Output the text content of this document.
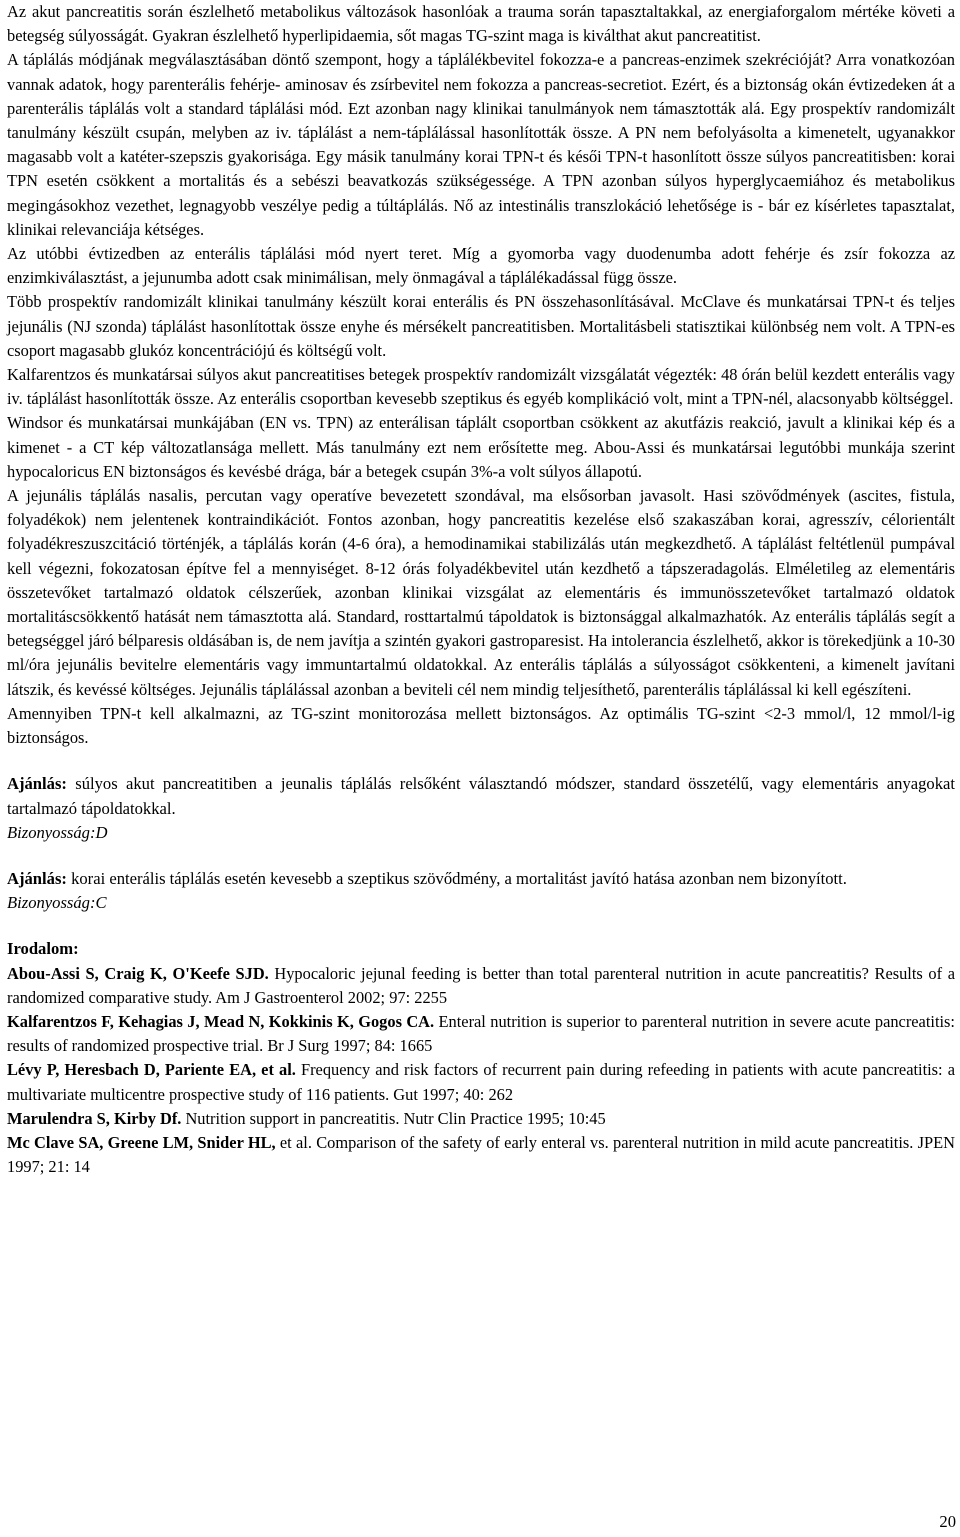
Az akut pancreatitis során észlelhető metabolikus változások hasonlóak a trauma során tapasztaltakkal, az energiaforgalom mértéke követi a betegség súlyosságát. Gyakran észlelhető hyperlipidaemia, sőt magas TG-szint maga is kiválthat akut pancreatitist.

A táplálás módjának megválasztásában döntő szempont, hogy a táplálékbevitel fokozza-e a pancreas-enzimek szekrécióját? Arra vonatkozóan vannak adatok, hogy parenterális fehérje- aminosav és zsírbevitel nem fokozza a pancreas-secretiot. Ezért, és a biztonság okán évtizedeken át a parenterális táplálás volt a standard táplálási mód. Ezt azonban nagy klinikai tanulmányok nem támasztották alá. Egy prospektív randomizált tanulmány készült csupán, melyben az iv. táplálást a nem-táplálással hasonlították össze. A PN nem befolyásolta a kimenetelt, ugyanakkor magasabb volt a katéter-szepszis gyakorisága. Egy másik tanulmány korai TPN-t és késői TPN-t hasonlított össze súlyos pancreatitisben: korai TPN esetén csökkent a mortalitás és a sebészi beavatkozás szükségessége. A TPN azonban súlyos hyperglycaemiához és metabolikus megingásokhoz vezethet, legnagyobb veszélye pedig a túltáplálás. Nő az intestinális transzlokáció lehetősége is - bár ez kísérletes tapasztalat, klinikai relevanciája kétséges.

Az utóbbi évtizedben az enterális táplálási mód nyert teret. Míg a gyomorba vagy duodenumba adott fehérje és zsír fokozza az enzimkiválasztást, a jejunumba adott csak minimálisan, mely önmagával a táplálékadással függ össze.

Több prospektív randomizált klinikai tanulmány készült korai enterális és PN összehasonlításával. McClave és munkatársai TPN-t és teljes jejunális (NJ szonda) táplálást hasonlítottak össze enyhe és mérsékelt pancreatitisben. Mortalitásbeli statisztikai különbség nem volt. A TPN-es csoport magasabb glukóz koncentrációjú és költségű volt.

Kalfarentzos és munkatársai súlyos akut pancreatitises betegek prospektív randomizált vizsgálatát végezték: 48 órán belül kezdett enterális vagy iv. táplálást hasonlították össze. Az enterális csoportban kevesebb szeptikus és egyéb komplikáció volt, mint a TPN-nél, alacsonyabb költséggel.

Windsor és munkatársai munkájában (EN vs. TPN) az enterálisan táplált csoportban csökkent az akutfázis reakció, javult a klinikai kép és a kimenet - a CT kép változatlansága mellett. Más tanulmány ezt nem erősítette meg. Abou-Assi és munkatársai legutóbbi munkája szerint hypocaloricus EN biztonságos és kevésbé drága, bár a betegek csupán 3%-a volt súlyos állapotú.

A jejunális táplálás nasalis, percutan vagy operatíve bevezetett szondával, ma elsősorban javasolt. Hasi szövődmények (ascites, fistula, folyadékok) nem jelentenek kontraindikációt. Fontos azonban, hogy pancreatitis kezelése első szakaszában korai, agresszív, célorientált folyadékreszuszcitáció történjék, a táplálás korán (4-6 óra), a hemodinamikai stabilizálás után megkezdhető. A táplálást feltétlenül pumpával kell végezni, fokozatosan építve fel a mennyiséget. 8-12 órás folyadékbevitel után kezdhető a tápszeradagolás. Elméletileg az elementáris összetevőket tartalmazó oldatok célszerűek, azonban klinikai vizsgálat az elementáris és immunösszetevőket tartalmazó oldatok mortalitáscsökkentő hatását nem támasztotta alá. Standard, rosttartalmú tápoldatok is biztonsággal alkalmazhatók. Az enterális táplálás segít a betegséggel járó bélparesis oldásában is, de nem javítja a szintén gyakori gastroparesist. Ha intolerancia észlelhető, akkor is törekedjünk a 10-30 ml/óra jejunális bevitelre elementáris vagy immuntartalmú oldatokkal. Az enterális táplálás a súlyosságot csökkenteni, a kimenelt javítani látszik, és kevéssé költséges. Jejunális táplálással azonban a beviteli cél nem mindig teljesíthető, parenterális táplálással ki kell egészíteni.

Amennyiben TPN-t kell alkalmazni, az TG-szint monitorozása mellett biztonságos. Az optimális TG-szint <2-3 mmol/l, 12 mmol/l-ig biztonságos.

Ajánlás: súlyos akut pancreatitiben a jeunalis táplálás relsőként választandó módszer, standard összetélű, vagy elementáris anyagokat tartalmazó tápoldatokkal.

Bizonyosság:D

Ajánlás: korai enterális táplálás esetén kevesebb a szeptikus szövődmény, a mortalitást javító hatása azonban nem bizonyított.

Bizonyosság:C

Irodalom:

Abou-Assi S, Craig K, O'Keefe SJD. Hypocaloric jejunal feeding is better than total parenteral nutrition in acute pancreatitis? Results of a randomized comparative study. Am J Gastroenterol 2002; 97: 2255

Kalfarentzos F, Kehagias J, Mead N, Kokkinis K, Gogos CA. Enteral nutrition is superior to parenteral nutrition in severe acute pancreatitis: results of randomized prospective trial. Br J Surg 1997; 84: 1665

Lévy P, Heresbach D, Pariente EA, et al. Frequency and risk factors of recurrent pain during refeeding in patients with acute pancreatitis: a multivariate multicentre prospective study of 116 patients. Gut 1997; 40: 262

Marulendra S, Kirby Df. Nutrition support in pancreatitis. Nutr Clin Practice 1995; 10:45

Mc Clave SA, Greene LM, Snider HL, et al. Comparison of the safety of early enteral vs. parenteral nutrition in mild acute pancreatitis. JPEN 1997; 21: 14

20
